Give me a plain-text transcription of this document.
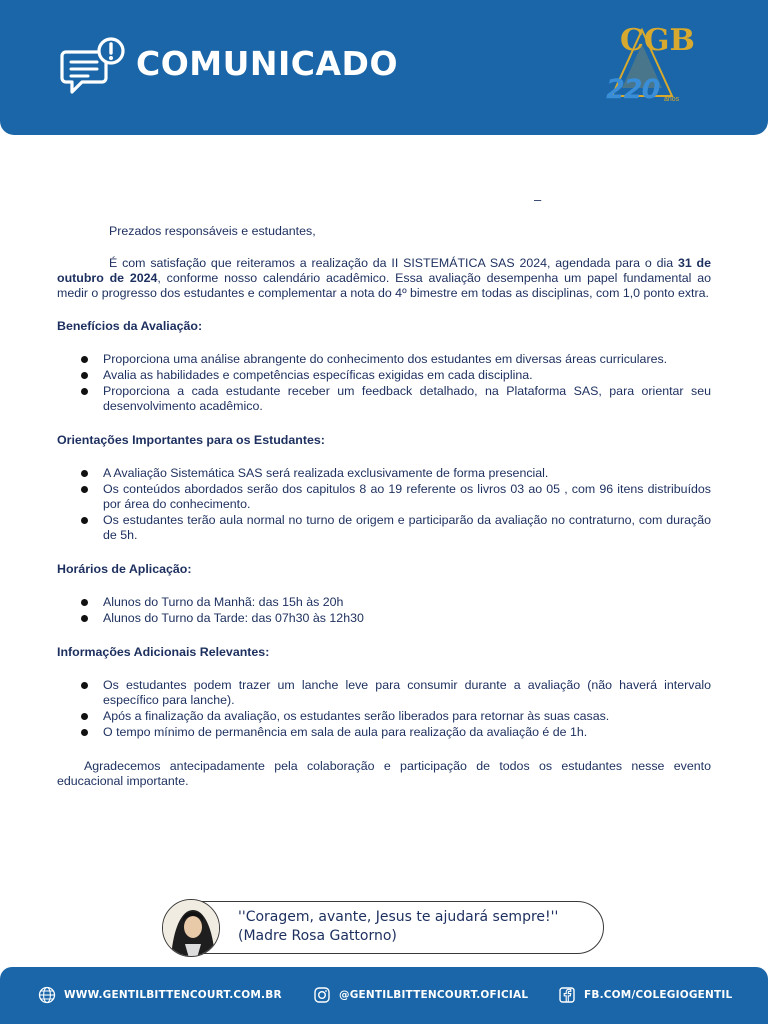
COMUNICADO
CGB
220 anos
–

Prezados responsáveis e estudantes,

É com satisfação que reiteramos a realização da II SISTEMÁTICA SAS 2024, agendada para o dia 31 de outubro de 2024, conforme nosso calendário acadêmico. Essa avaliação desempenha um papel fundamental ao medir o progresso dos estudantes e complementar a nota do 4º bimestre em todas as disciplinas, com 1,0 ponto extra.

Benefícios da Avaliação:

Proporciona uma análise abrangente do conhecimento dos estudantes em diversas áreas curriculares.
Avalia as habilidades e competências específicas exigidas em cada disciplina.
Proporciona a cada estudante receber um feedback detalhado, na Plataforma SAS, para orientar seu desenvolvimento acadêmico.

Orientações Importantes para os Estudantes:

A Avaliação Sistemática SAS será realizada exclusivamente de forma presencial.
Os conteúdos abordados serão dos capitulos 8 ao 19 referente os livros 03 ao 05 , com 96 itens distribuídos por área do conhecimento.
Os estudantes terão aula normal no turno de origem e participarão da avaliação no contraturno, com duração de 5h.

Horários de Aplicação:

Alunos do Turno da Manhã: das 15h às 20h
Alunos do Turno da Tarde: das 07h30 às 12h30

Informações Adicionais Relevantes:

Os estudantes podem trazer um lanche leve para consumir durante a avaliação (não haverá intervalo específico para lanche).
Após a finalização da avaliação, os estudantes serão liberados para retornar às suas casas.
O tempo mínimo de permanência em sala de aula para realização da avaliação é de 1h.

Agradecemos antecipadamente pela colaboração e participação de todos os estudantes nesse evento educacional importante.

''Coragem, avante, Jesus te ajudará sempre!''
(Madre Rosa Gattorno)
WWW.GENTILBITTENCOURT.COM.BR	@GENTILBITTENCOURT.OFICIAL	FB.COM/COLEGIOGENTIL
